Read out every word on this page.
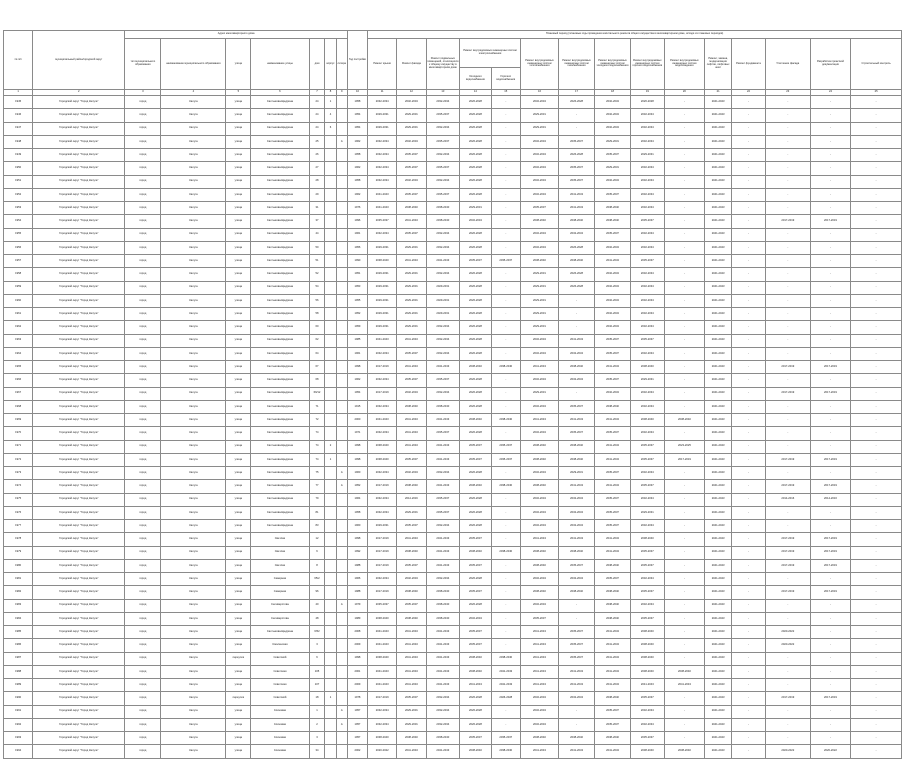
№ п/п	муниципальный район/городской округ	Адрес многоквартирного дома							Год постройки	Плановый период (плановые годы проведения капитального ремонта общего имущества в многоквартирном доме, исходя из плановых периодов)														
		тип муниципального образования	наименование муниципального образования	улица	наименование улицы	дом	корпус	литера		Ремонт крыши	Ремонт фасада	Ремонт подвальных помещений, относящихся к общему имуществу в многоквартирном доме	Ремонт внутридомовых инженерных систем электроснабжения		Ремонт внутридомовых инженерных систем теплоснабжения	Ремонт внутридомовых инженерных систем газоснабжения	Ремонт внутридомовых инженерных систем холодного водоснабжения	Ремонт внутридомовых инженерных систем горячего водоснабжения	Ремонт внутридомовых инженерных систем водоотведения	Ремонт, замена, модернизация лифтов, лифтовых шахт	Ремонт фундамента	Утепление фасада	Разработка проектной документации	Строительный контроль
													Холодного водоснабжения	Горячего водоснабжения										
1	2	3	4	5	6	7	8	9	10	11	12	13	14	15	16	17	18	19	20	21	22	23	24	25
1945	Городской округ "Город Калуга"	город	Калуга	улица	Салтыкова-Щедрина	24	1		1958	2032-2034	2032-2034	2032-2034	2026-2028	-	2032-2034	2026-2028	2032-2034	2026-2028	-	2041-2043	-	-	-	-
1946	Городской округ "Город Калуга"	город	Калуга	улица	Салтыкова-Щедрина	24	4		1954	2029-2031	2029-2031	2035-2037	2026-2028	-	2029-2031	-	2032-2034	2032-2034	-	2041-2043	-	-	-	-
1947	Городской округ "Город Калуга"	город	Калуга	улица	Салтыкова-Щедрина	24	6		1954	2029-2031	2029-2031	2032-2034	2026-2028	-	2029-2031	-	2032-2034	2032-2034	-	2041-2043	-	-	-	-
1948	Городской округ "Город Калуга"	город	Калуга	улица	Салтыкова-Щедрина	25		А	1962	2032-2034	2032-2034	2035-2037	2026-2028	-	2032-2034	2035-2037	2029-2031	2032-2034	-	2041-2043	-	-	-	-
1949	Городской округ "Город Калуга"	город	Калуга	улица	Салтыкова-Щедрина	26			1958	2032-2034	2035-2037	2032-2034	2026-2028	-	2032-2034	2026-2028	2035-2037	2029-2031	-	2041-2043	-	-	-	-
1950	Городской округ "Город Калуга"	город	Калуга	улица	Салтыкова-Щедрина	27			1962	2032-2034	2035-2037	2035-2037	2026-2028	-	2032-2034	2035-2037	2029-2031	2032-2034	-	2041-2043	-	-	-	-
1951	Городской округ "Город Калуга"	город	Калуга	улица	Салтыкова-Щедрина	28			1958	2032-2034	2032-2034	2032-2034	2026-2028	-	2032-2034	2035-2037	2032-2034	2032-2034	-	2041-2043	-	-	-	-
1952	Городской округ "Город Калуга"	город	Калуга	улица	Салтыкова-Щедрина	29			1962	2041-2043	2035-2037	2035-2037	2026-2028	-	2032-2034	2041-2043	2035-2037	2032-2034	-	2041-2043	-	-	-	-
1953	Городской округ "Город Калуга"	город	Калуга	улица	Салтыкова-Щедрина	31			1976	2041-2043	2038-2040	2038-2040	2029-2031	-	2035-2037	2041-2043	2038-2040	2032-2034	-	2041-2043	-	-	-	-
1954	Городской округ "Город Калуга"	город	Калуга	улица	Салтыкова-Щедрина	37			1996	2035-2037	2041-2043	2038-2040	2032-2034	-	2038-2040	2038-2040	2038-2040	2035-2037	-	2041-2043	-	2017-2019	2017-2019	-
1955	Городской округ "Город Калуга"	город	Калуга	улица	Салтыкова-Щедрина	44			1961	2032-2034	2035-2037	2032-2034	2026-2028	-	2032-2034	2032-2034	2035-2037	2032-2034	-	2041-2043	-	-	-	-
1956	Городской округ "Город Калуга"	город	Калуга	улица	Салтыкова-Щедрина	50			1956	2029-2031	2029-2031	2032-2034	2026-2028	-	2032-2034	2026-2028	2032-2034	2032-2034	-	2041-2043	-	-	-	-
1957	Городской округ "Город Калуга"	город	Калуга	улица	Салтыкова-Щедрина	51			1990	2038-2040	2041-2043	2041-2043	2035-2037	2035-2037	2038-2040	2038-2040	2041-2043	2035-2037	-	2041-2043	-	-	-	-
1958	Городской округ "Город Калуга"	город	Калуга	улица	Салтыкова-Щедрина	52			1951	2029-2031	2029-2031	2032-2034	2026-2028	-	2029-2031	2026-2028	2032-2034	2032-2034	-	2041-2043	-	-	-	-
1959	Городской округ "Город Калуга"	город	Калуга	улица	Салтыкова-Щедрина	54			1953	2029-2031	2029-2031	2029-2031	2026-2028	-	2029-2031	2026-2028	2032-2034	2032-2034	-	2041-2043	-	-	-	-
1960	Городской округ "Город Калуга"	город	Калуга	улица	Салтыкова-Щедрина	56			1955	2029-2031	2029-2031	2029-2031	2026-2028	-	2029-2031	-	2032-2034	2032-2034	-	2041-2043	-	-	-	-
1961	Городской округ "Город Калуга"	город	Калуга	улица	Салтыкова-Щедрина	58			1952	2029-2031	2029-2031	2029-2031	2026-2028	-	2029-2031	-	2032-2034	2032-2034	-	2041-2043	-	-	-	-
1962	Городской округ "Город Калуга"	город	Калуга	улица	Салтыкова-Щедрина	60			1959	2029-2031	2029-2031	2032-2034	2026-2028	-	2029-2031	-	2032-2034	2032-2034	-	2041-2043	-	-	-	-
1963	Городской округ "Город Калуга"	город	Калуга	улица	Салтыкова-Щедрина	62			1985	2041-2043	2041-2043	2032-2034	2026-2028	-	2032-2034	2041-2043	2035-2037	2035-2037	-	2041-2043	-	-	-	-
1964	Городской округ "Город Калуга"	город	Калуга	улица	Салтыкова-Щедрина	64			1961	2032-2034	2035-2037	2032-2034	2026-2028	-	2032-2034	2032-2034	2035-2037	2032-2034	-	2041-2043	-	-	-	-
1965	Городской округ "Город Калуга"	город	Калуга	улица	Салтыкова-Щедрина	67			1998	2017-2019	2041-2043	2041-2043	2038-2040	2038-2040	2041-2043	2038-2040	2041-2043	2038-2040	-	2041-2043	-	2017-2019	2017-2019	-
1966	Городской округ "Город Калуга"	город	Калуга	улица	Салтыкова-Щедрина	68			1962	2032-2034	2035-2037	2035-2037	2026-2028	-	2032-2034	2032-2034	2035-2037	2029-2031	-	2041-2043	-	-	-	-
1967	Городской округ "Город Калуга"	город	Калуга	улица	Салтыкова-Щедрина	69/12			1954	2017-2019	2032-2034	2032-2034	2026-2028	-	2029-2031	-	2032-2034	2032-2034	-	2041-2043	-	2017-2019	2017-2019	-
1968	Городской округ "Город Калуга"	город	Калуга	улица	Салтыкова-Щедрина	71			1915	2032-2034	2038-2040	2038-2040	2026-2028	-	2032-2034	2035-2037	2038-2040	2032-2034	-	2041-2043	-	-	-	-
1969	Городской округ "Город Калуга"	город	Калуга	улица	Салтыкова-Щедрина	72			2000	2041-2043	2041-2043	2041-2043	2038-2040	2038-2040	2041-2043	2041-2043	2041-2043	2038-2040	2038-2040	2041-2043	-	-	-	-
1970	Городской округ "Город Калуга"	город	Калуга	улица	Салтыкова-Щедрина	74			1971	2032-2034	2041-2043	2035-2037	2026-2028	-	2032-2034	2035-2037	2035-2037	2032-2034	-	2041-2043	-	-	-	-
1971	Городской округ "Город Калуга"	город	Калуга	улица	Салтыкова-Щедрина	74	2		1998	2038-2040	2041-2043	2041-2043	2035-2037	2035-2037	2038-2040	2038-2040	2041-2043	2035-2037	2023-2025	2041-2043	-	-	-	-
1972	Городской округ "Город Калуга"	город	Калуга	улица	Салтыкова-Щедрина	74	1		1998	2038-2040	2035-2037	2041-2043	2035-2037	2035-2037	2038-2040	2038-2040	2041-2043	2035-2037	2017-2019	2041-2043	-	2017-2019	2017-2019	-
1973	Городской округ "Город Калуга"	город	Калуга	улица	Салтыкова-Щедрина	75		А	1960	2032-2034	2032-2034	2032-2034	2026-2028	-	2032-2034	2029-2031	2035-2037	2032-2034	-	2041-2043	-	-	-	-
1974	Городской округ "Город Калуга"	город	Калуга	улица	Салтыкова-Щедрина	77		А	1952	2017-2019	2038-2040	2041-2043	2038-2040	2038-2040	2038-2040	2041-2043	2041-2043	2035-2037	-	2041-2043	-	2017-2019	2017-2019	-
1975	Городской округ "Город Калуга"	город	Калуга	улица	Салтыкова-Щедрина	79			1964	2032-2034	2014-2016	2035-2037	2026-2028	-	2032-2034	2032-2034	2035-2037	2032-2034	-	2041-2043	-	2014-2016	2014-2016	-
1976	Городской округ "Город Калуга"	город	Калуга	улица	Салтыкова-Щедрина	81			1958	2032-2034	2029-2031	2035-2037	2026-2028	-	2032-2034	2032-2034	2035-2037	2029-2031	-	2041-2043	-	-	-	-
1977	Городской округ "Город Калуга"	город	Калуга	улица	Салтыкова-Щедрина	83			1960	2029-2031	2035-2037	2032-2034	2026-2028	-	2032-2034	2032-2034	2035-2037	2032-2034	-	2041-2043	-	-	-	-
1978	Городской округ "Город Калуга"	город	Калуга	улица	Светлая	12			1998	2017-2019	2041-2043	2041-2043	2035-2037	-	2041-2043	2041-2043	2041-2043	2038-2040	-	2041-2043	-	2017-2019	2017-2019	-
1979	Городской округ "Город Калуга"	город	Калуга	улица	Светлая	6			1992	2017-2019	2038-2040	2041-2043	2038-2040	2038-2040	2038-2040	2038-2040	2041-2043	2035-2037	-	2041-2043	-	2017-2019	2017-2019	-
1980	Городской округ "Город Калуга"	город	Калуга	улица	Светлая	8			1988	2017-2019	2035-2037	2041-2043	2035-2037	-	2038-2040	2035-2037	2038-2040	2035-2037	-	2041-2043	-	2017-2019	2017-2019	-
1981	Городской округ "Город Калуга"	город	Калуга	улица	Северная	65/2			1966	2032-2034	2032-2034	2032-2034	2026-2028	-	2032-2034	2032-2034	2035-2037	2032-2034	-	2041-2043	-	-	-	-
1982	Городской округ "Город Калуга"	город	Калуга	улица	Северная	96			1988	2017-2019	2038-2040	2038-2040	2035-2037	-	2038-2040	2038-2040	2038-2040	2035-2037	-	2041-2043	-	2017-2019	2017-2019	-
1983	Городской округ "Город Калуга"	город	Калуга	улица	Селиверстова	40		А	1979	2035-2037	2035-2037	2038-2040	2026-2028	-	2032-2034	-	2038-2040	2032-2034	-	2041-2043	-	-	-	-
1984	Городской округ "Город Калуга"	город	Калуга	улица	Селиверстова	48			1989	2038-2040	2038-2040	2038-2040	2032-2034	-	2035-2037	-	2038-2040	2035-2037	-	2041-2043	-	-	-	-
1985	Городской округ "Город Калуга"	город	Калуга	улица	Салтыкова-Щедрина	6/52			2008	2041-2043	2041-2043	2041-2043	2035-2037	-	2041-2043	2035-2037	2041-2043	2038-2040	-	2041-2043	-	2020-2022	-	-
1986	Городской округ "Город Калуга"	город	Калуга	улица	Смоленская	3			2009	2041-2043	2041-2043	2041-2043	2035-2037	-	2041-2043	2035-2037	2041-2043	2038-2040	-	2041-2043	-	2020-2022	-	-
1987	Городской округ "Город Калуга"	город	Калуга	переулок	Советский	6			1998	2038-2040	2041-2043	2041-2043	2038-2040	2038-2040	2041-2043	2035-2037	2041-2043	2038-2040	-	2041-2043	-	-	-	-
1988	Городской округ "Город Калуга"	город	Калуга	улица	Советская	105			2001	2041-2043	2041-2043	2041-2043	2038-2040	2041-2043	2041-2043	2041-2043	2041-2043	2038-2040	2038-2040	2041-2043	-	-	-	-
1989	Городской округ "Город Калуга"	город	Калуга	улица	Советская	107			2009	2041-2043	2041-2043	2041-2043	2041-2043	2041-2043	2041-2043	2041-2043	2041-2043	2041-2043	2041-2043	2041-2043	-	-	-	-
1990	Городской округ "Город Калуга"	город	Калуга	переулок	Советский	18	1		1978	2017-2019	2035-2037	2032-2034	2026-2028	2026-2028	2032-2034	2032-2034	2038-2040	2035-2037	-	2041-2043	-	2017-2019	2017-2019	-
1991	Городской округ "Город Калуга"	город	Калуга	улица	Сосновая	1		А	1957	2032-2034	2029-2031	2032-2034	2026-2028	-	2032-2034	-	2035-2037	2032-2034	-	2041-2043	-	-	-	-
1992	Городской округ "Город Калуга"	город	Калуга	улица	Сосновая	2		А	1957	2032-2034	2029-2031	2032-2034	2026-2028	-	2032-2034	-	2035-2037	2032-2034	-	2041-2043	-	-	-	-
1993	Городской округ "Город Калуга"	город	Калуга	улица	Сосновая	3			1957	2038-2040	2038-2040	2038-2040	2035-2037	2035-2037	2038-2040	2038-2040	2038-2040	2035-2037	-	2041-2043	-	-	-	-
1994	Городской округ "Город Калуга"	город	Калуга	улица	Сосновая	34			2002	2020-2022	2041-2043	2041-2043	2038-2040	2038-2040	2041-2043	2041-2043	2041-2043	2038-2040	2038-2040	2041-2043	-	2020-2022	2020-2022	-
